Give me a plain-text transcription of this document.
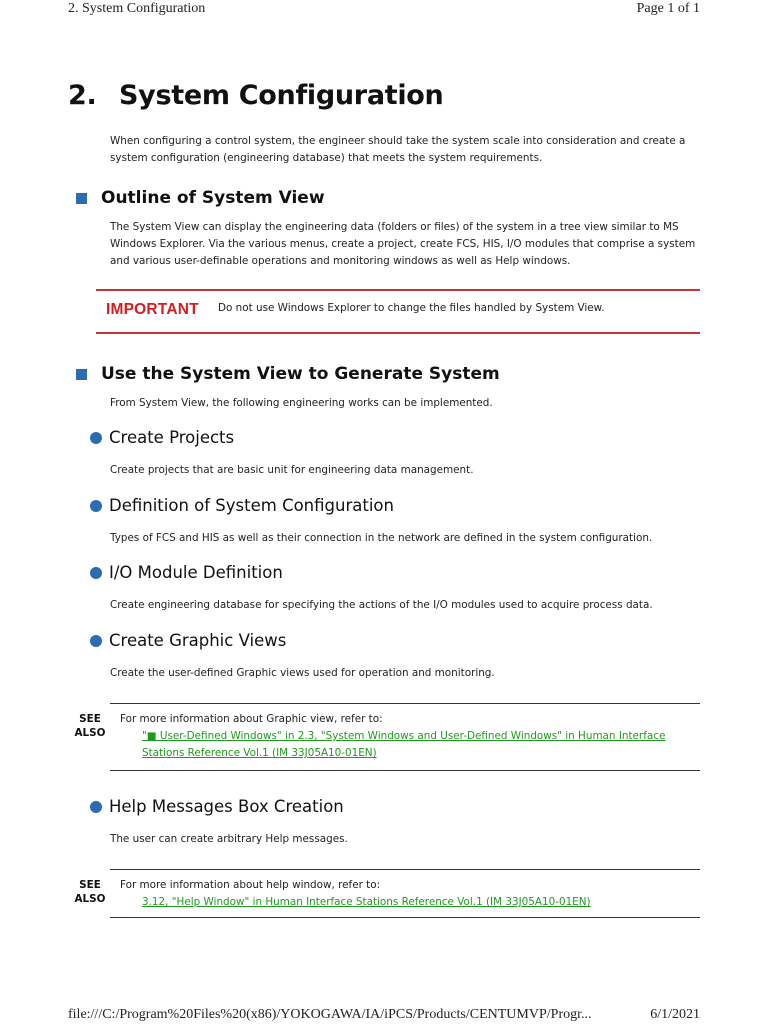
2. System Configuration	Page 1 of 1
2. System Configuration

When configuring a control system, the engineer should take the system scale into consideration and create a system configuration (engineering database) that meets the system requirements.

Outline of System View

The System View can display the engineering data (folders or files) of the system in a tree view similar to MS Windows Explorer. Via the various menus, create a project, create FCS, HIS, I/O modules that comprise a system and various user-definable operations and monitoring windows as well as Help windows.

IMPORTANT Do not use Windows Explorer to change the files handled by System View.
Use the System View to Generate System

From System View, the following engineering works can be implemented.

Create Projects

Create projects that are basic unit for engineering data management.

Definition of System Configuration

Types of FCS and HIS as well as their connection in the network are defined in the system configuration.

I/O Module Definition

Create engineering database for specifying the actions of the I/O modules used to acquire process data.

Create Graphic Views

Create the user-defined Graphic views used for operation and monitoring.

SEE
ALSO
For more information about Graphic view, refer to:
"■ User-Defined Windows" in 2.3, "System Windows and User-Defined Windows" in Human Interface Stations Reference Vol.1 (IM 33J05A10-01EN)
Help Messages Box Creation

The user can create arbitrary Help messages.

SEE
ALSO
For more information about help window, refer to:
3.12, "Help Window" in Human Interface Stations Reference Vol.1 (IM 33J05A10-01EN)
file:///C:/Program%20Files%20(x86)/YOKOGAWA/IA/iPCS/Products/CENTUMVP/Progr...	6/1/2021
